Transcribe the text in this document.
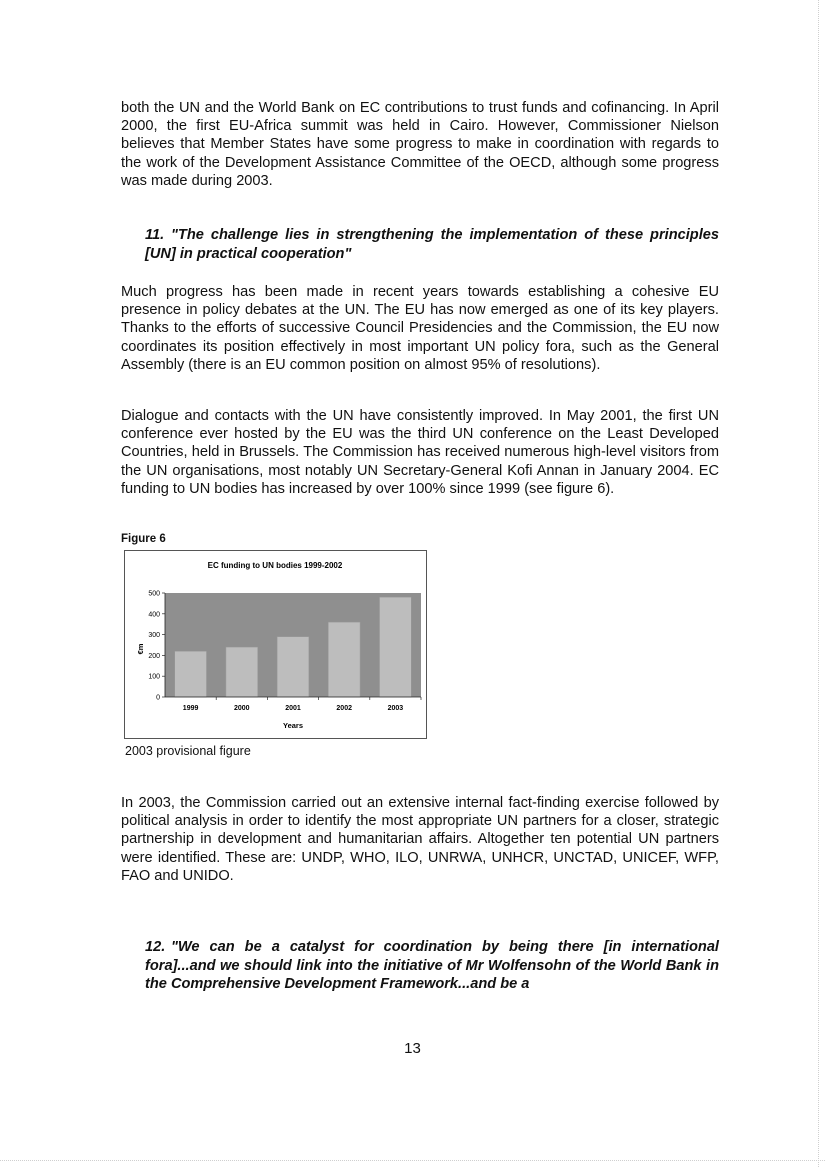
both the UN and the World Bank on EC contributions to trust funds and cofinancing. In April 2000, the first EU-Africa summit was held in Cairo. However, Commissioner Nielson believes that Member States have some progress to make in coordination with regards to the work of the Development Assistance Committee of the OECD, although some progress was made during 2003.

11. "The challenge lies in strengthening the implementation of these principles [UN] in practical cooperation"

Much progress has been made in recent years towards establishing a cohesive EU presence in policy debates at the UN. The EU has now emerged as one of its key players. Thanks to the efforts of successive Council Presidencies and the Commission, the EU now coordinates its position effectively in most important UN policy fora, such as the General Assembly (there is an EU common position on almost 95% of resolutions).

Dialogue and contacts with the UN have consistently improved. In May 2001, the first UN conference ever hosted by the EU was the third UN conference on the Least Developed Countries, held in Brussels. The Commission has received numerous high-level visitors from the UN organisations, most notably UN Secretary-General Kofi Annan in January 2004. EC funding to UN bodies has increased by over 100% since 1999 (see figure 6).

Figure 6
EC funding to UN bodies 1999-2002
Years
€m
0
100
200
300
400
500
1999	2000	2001	2002	2003
2003 provisional figure

In 2003, the Commission carried out an extensive internal fact-finding exercise followed by political analysis in order to identify the most appropriate UN partners for a closer, strategic partnership in development and humanitarian affairs. Altogether ten potential UN partners were identified. These are: UNDP, WHO, ILO, UNRWA, UNHCR, UNCTAD, UNICEF, WFP, FAO and UNIDO.

12. "We can be a catalyst for coordination by being there [in international fora]...and we should link into the initiative of Mr Wolfensohn of the World Bank in the Comprehensive Development Framework...and be a
13
